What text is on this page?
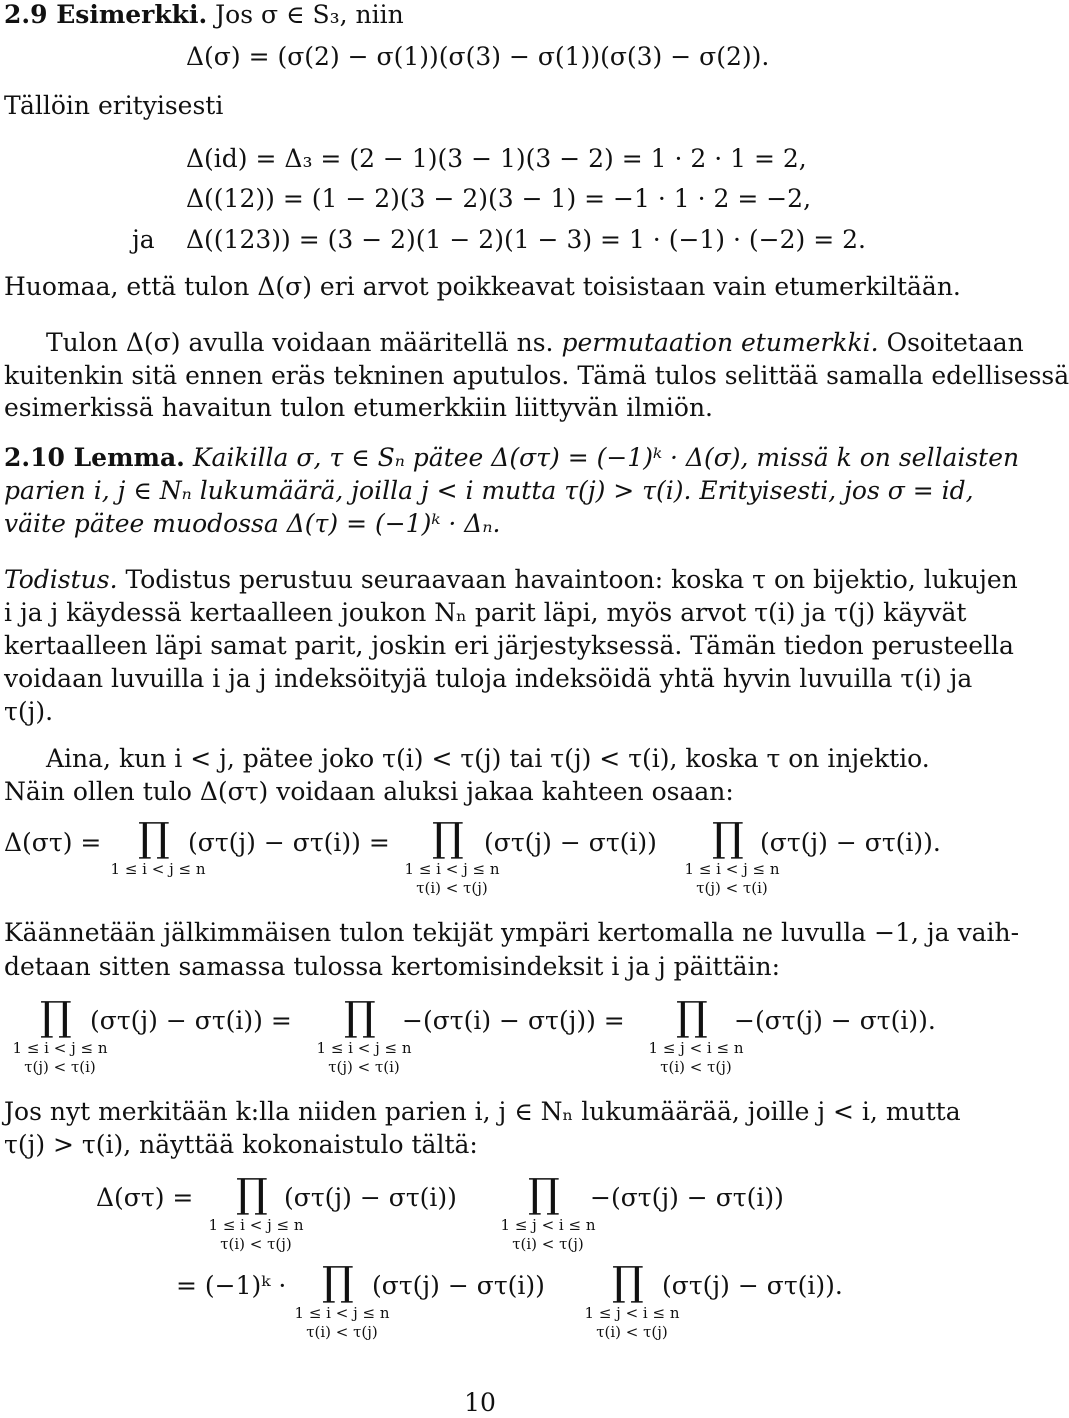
2.9 Esimerkki. Jos σ ∈ S₃, niin
Δ(σ) = (σ(2) − σ(1))(σ(3) − σ(1))(σ(3) − σ(2)).
Tällöin erityisesti
Δ(id) = Δ₃ = (2 − 1)(3 − 1)(3 − 2) = 1 · 2 · 1 = 2,
Δ((12)) = (1 − 2)(3 − 2)(3 − 1) = −1 · 1 · 2 = −2,
ja Δ((123)) = (3 − 2)(1 − 2)(1 − 3) = 1 · (−1) · (−2) = 2.
Huomaa, että tulon Δ(σ) eri arvot poikkeavat toisistaan vain etumerkiltään.
Tulon Δ(σ) avulla voidaan määritellä ns. permutaation etumerkki. Osoitetaan
kuitenkin sitä ennen eräs tekninen aputulos. Tämä tulos selittää samalla edellisessä
esimerkissä havaitun tulon etumerkkiin liittyvän ilmiön.
2.10 Lemma. Kaikilla σ, τ ∈ Sₙ pätee Δ(στ) = (−1)ᵏ · Δ(σ), missä k on sellaisten
parien i, j ∈ Nₙ lukumäärä, joilla j < i mutta τ(j) > τ(i). Erityisesti, jos σ = id,
väite pätee muodossa Δ(τ) = (−1)ᵏ · Δₙ.
Todistus. Todistus perustuu seuraavaan havaintoon: koska τ on bijektio, lukujen
i ja j käydessä kertaalleen joukon Nₙ parit läpi, myös arvot τ(i) ja τ(j) käyvät
kertaalleen läpi samat parit, joskin eri järjestyksessä. Tämän tiedon perusteella
voidaan luvuilla i ja j indeksöityjä tuloja indeksöidä yhtä hyvin luvuilla τ(i) ja
τ(j).
Aina, kun i < j, pätee joko τ(i) < τ(j) tai τ(j) < τ(i), koska τ on injektio.
Näin ollen tulo Δ(στ) voidaan aluksi jakaa kahteen osaan:
Δ(στ) = ∏
1 ≤ i < j ≤ n
(στ(j) − στ(i)) = ∏
1 ≤ i < j ≤ n
τ(i) < τ(j)
(στ(j) − στ(i)) ∏
1 ≤ i < j ≤ n
τ(j) < τ(i)
(στ(j) − στ(i)).
Käännetään jälkimmäisen tulon tekijät ympäri kertomalla ne luvulla −1, ja vaih-
detaan sitten samassa tulossa kertomisindeksit i ja j päittäin:
∏
1 ≤ i < j ≤ n
τ(j) < τ(i)
(στ(j) − στ(i)) = ∏
1 ≤ i < j ≤ n
τ(j) < τ(i)
−(στ(i) − στ(j)) = ∏
1 ≤ j < i ≤ n
τ(i) < τ(j)
−(στ(j) − στ(i)).
Jos nyt merkitään k:lla niiden parien i, j ∈ Nₙ lukumäärää, joille j < i, mutta
τ(j) > τ(i), näyttää kokonaistulo tältä:
Δ(στ) = ∏
1 ≤ i < j ≤ n
τ(i) < τ(j)
(στ(j) − στ(i)) ∏
1 ≤ j < i ≤ n
τ(i) < τ(j)
−(στ(j) − στ(i))
= (−1)ᵏ · ∏
1 ≤ i < j ≤ n
τ(i) < τ(j)
(στ(j) − στ(i)) ∏
1 ≤ j < i ≤ n
τ(i) < τ(j)
(στ(j) − στ(i)).
10
